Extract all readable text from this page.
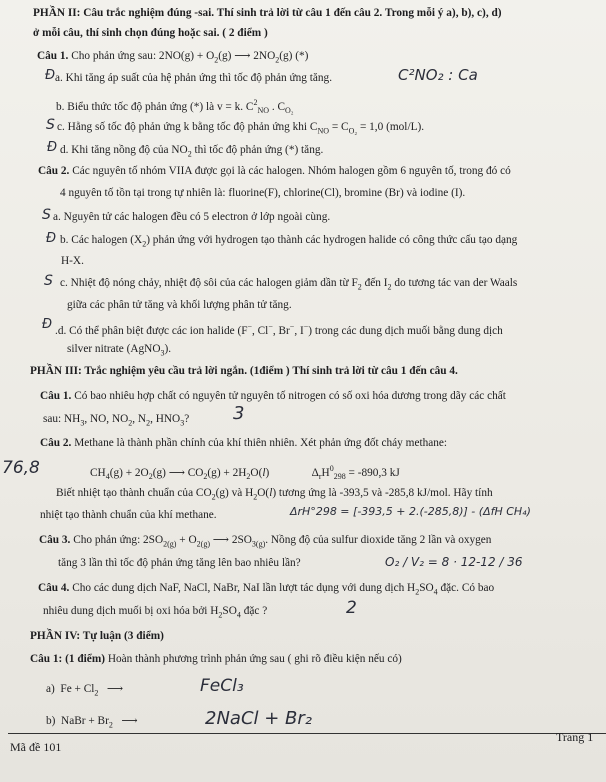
PHẦN II: Câu trắc nghiệm đúng -sai. Thí sinh trả lời từ câu 1 đến câu 2. Trong mỗi ý a), b), c), d)
ở mỗi câu, thí sinh chọn đúng hoặc sai. ( 2 điểm )
Câu 1. Cho phản ứng sau: $2NO(g) + O_2(g)$ ⟶ $2NO_2(g)$ (*)
a. Khi tăng áp suất của hệ phản ứng thì tốc độ phản ứng tăng.
b. Biểu thức tốc độ phản ứng (*) là v = k. $C^2_{NO}$ . $C_{O_2}$
c. Hằng số tốc độ phản ứng k bằng tốc độ phản ứng khi $C_{NO} = C_{O_2} = 1,0$ (mol/L).
d. Khi tăng nồng độ của $NO_2$ thì tốc độ phản ứng (*) tăng.
Câu 2. Các nguyên tố nhóm VIIA được gọi là các halogen. Nhóm halogen gồm 6 nguyên tố, trong đó có
4 nguyên tố tồn tại trong tự nhiên là: fluorine(F), chlorine(Cl), bromine (Br) và iodine (I).
a. Nguyên tử các halogen đều có 5 electron ở lớp ngoài cùng.
b. Các halogen $(X_2)$ phản ứng với hydrogen tạo thành các hydrogen halide có công thức cấu tạo dạng
H-X.
c. Nhiệt độ nóng chảy, nhiệt độ sôi của các halogen giảm dần từ $F_2$ đến $I_2$ do tương tác van der Waals
giữa các phân tử tăng và khối lượng phân tử tăng.
.d. Có thể phân biệt được các ion halide (F−, Cl−, Br−, I−) trong các dung dịch muối bằng dung dịch
silver nitrate (AgNO$_3$).
PHẦN III: Trắc nghiệm yêu cầu trả lời ngắn. (1điểm ) Thí sinh trả lời từ câu 1 đến câu 4.
Câu 1. Có bao nhiêu hợp chất có nguyên tử nguyên tố nitrogen có số oxi hóa dương trong dãy các chất
sau: $NH_3$, NO, $NO_2$, $N_2$, $HNO_3$?
Câu 2. Methane là thành phần chính của khí thiên nhiên. Xét phản ứng đốt cháy methane:
$CH_4(g) + 2O_2(g)$ ⟶ $CO_2(g) + 2H_2O(l)$               $\Delta_rH^0_{298} = -890,3$ kJ
Biết nhiệt tạo thành chuẩn của $CO_2(g)$ và $H_2O(l)$ tương ứng là -393,5 và -285,8 kJ/mol. Hãy tính
nhiệt tạo thành chuẩn của khí methane.
Câu 3. Cho phản ứng: $2SO_{2(g)} + O_{2(g)}$ ⟶ $2SO_{3(g)}$. Nồng độ của sulfur dioxide tăng 2 lần và oxygen
tăng 3 lần thì tốc độ phản ứng tăng lên bao nhiêu lần?
Câu 4. Cho các dung dịch NaF, NaCl, NaBr, NaI lần lượt tác dụng với dung dịch $H_2SO_4$ đặc. Có bao
nhiêu dung dịch muối bị oxi hóa bởi $H_2SO_4$ đặc ?
PHẦN IV: Tự luận (3 điểm)
Câu 1: (1 điểm) Hoàn thành phương trình phản ứng sau ( ghi rõ điều kiện nếu có)
a)  $Fe + Cl_2$   ⟶
b)  NaBr + $Br_2$   ⟶
Mã đề 101
Trang 1
Đ	C²NO₂ : Ca
S
Đ
S
Đ
S
Đ
3
76,8
ΔrH°298 = [-393,5 + 2.(-285,8)] - (ΔfH CH₄)
O₂ / V₂ = 8 · 12-12 / 36
2
FeCl₃
2NaCl + Br₂
